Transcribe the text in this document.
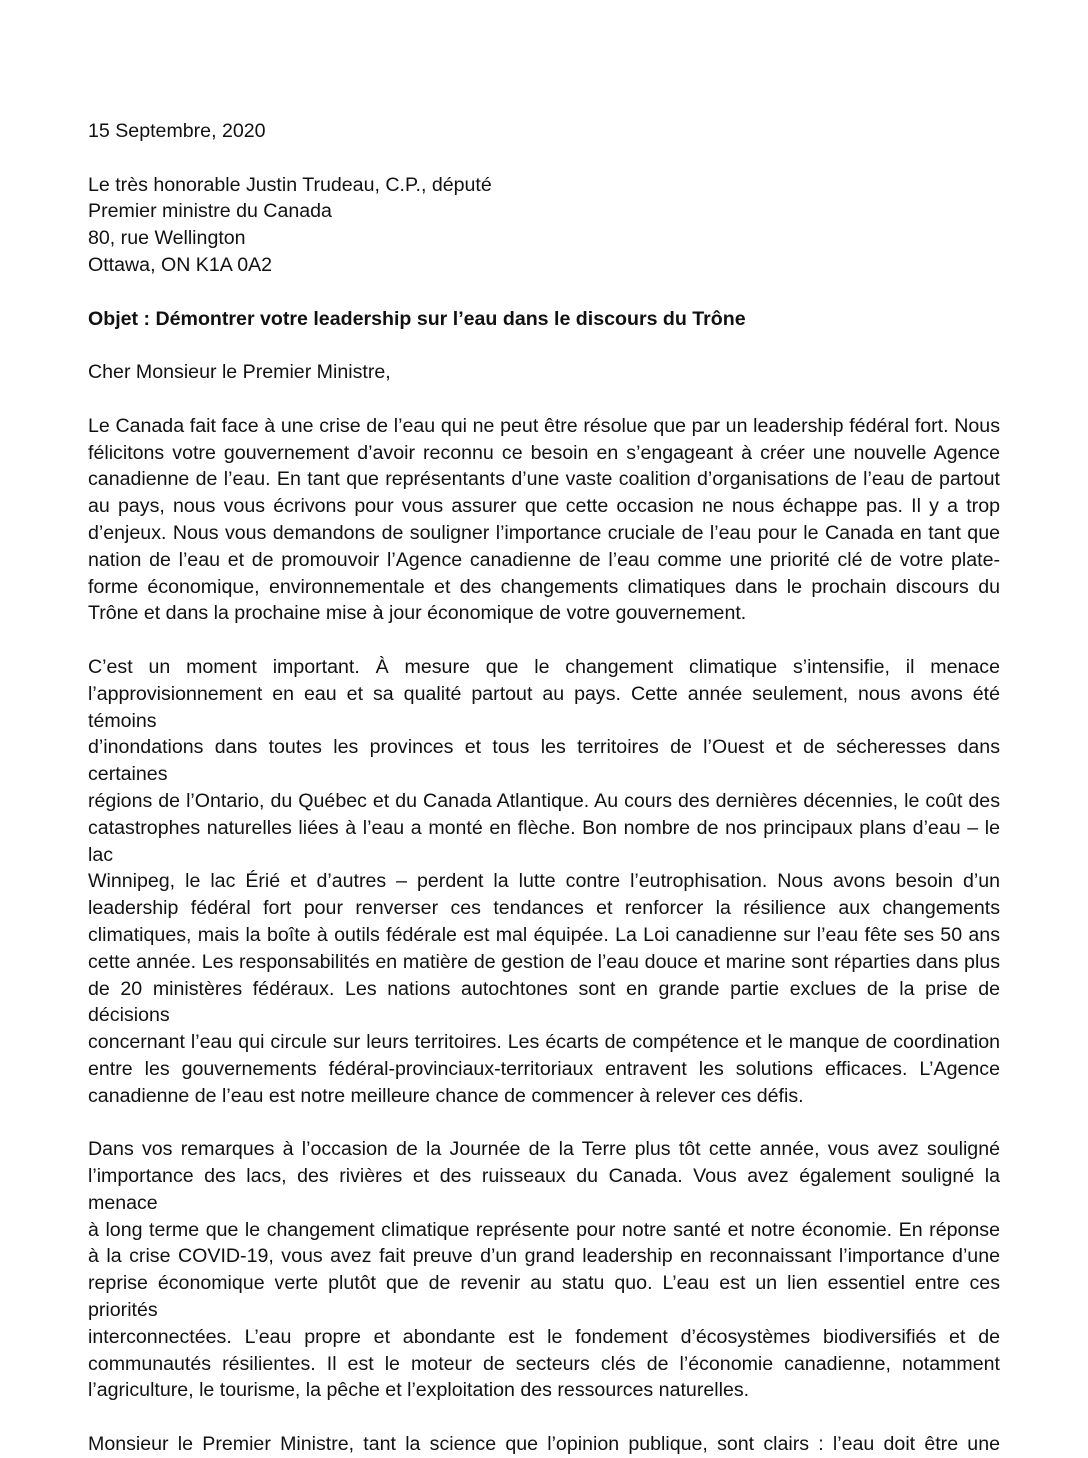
15 Septembre, 2020

Le très honorable Justin Trudeau, C.P., député

Premier ministre du Canada

80, rue Wellington

Ottawa, ON K1A 0A2

Objet : Démontrer votre leadership sur l’eau dans le discours du Trône

Cher Monsieur le Premier Ministre,

Le Canada fait face à une crise de l’eau qui ne peut être résolue que par un leadership fédéral fort. Nous
félicitons votre gouvernement d’avoir reconnu ce besoin en s’engageant à créer une nouvelle Agence
canadienne de l’eau. En tant que représentants d’une vaste coalition d’organisations de l’eau de partout
au pays, nous vous écrivons pour vous assurer que cette occasion ne nous échappe pas. Il y a trop
d’enjeux. Nous vous demandons de souligner l’importance cruciale de l’eau pour le Canada en tant que
nation de l’eau et de promouvoir l’Agence canadienne de l’eau comme une priorité clé de votre plate-
forme économique, environnementale et des changements climatiques dans le prochain discours du
Trône et dans la prochaine mise à jour économique de votre gouvernement.
C’est un moment important. À mesure que le changement climatique s’intensifie, il menace
l’approvisionnement en eau et sa qualité partout au pays. Cette année seulement, nous avons été témoins
d’inondations dans toutes les provinces et tous les territoires de l’Ouest et de sécheresses dans certaines
régions de l’Ontario, du Québec et du Canada Atlantique. Au cours des dernières décennies, le coût des
catastrophes naturelles liées à l’eau a monté en flèche. Bon nombre de nos principaux plans d’eau – le lac
Winnipeg, le lac Érié et d’autres – perdent la lutte contre l’eutrophisation. Nous avons besoin d’un
leadership fédéral fort pour renverser ces tendances et renforcer la résilience aux changements
climatiques, mais la boîte à outils fédérale est mal équipée. La Loi canadienne sur l’eau fête ses 50 ans
cette année. Les responsabilités en matière de gestion de l’eau douce et marine sont réparties dans plus
de 20 ministères fédéraux. Les nations autochtones sont en grande partie exclues de la prise de décisions
concernant l’eau qui circule sur leurs territoires. Les écarts de compétence et le manque de coordination
entre les gouvernements fédéral-provinciaux-territoriaux entravent les solutions efficaces. L’Agence
canadienne de l’eau est notre meilleure chance de commencer à relever ces défis.
Dans vos remarques à l’occasion de la Journée de la Terre plus tôt cette année, vous avez souligné
l’importance des lacs, des rivières et des ruisseaux du Canada. Vous avez également souligné la menace
à long terme que le changement climatique représente pour notre santé et notre économie. En réponse
à la crise COVID-19, vous avez fait preuve d’un grand leadership en reconnaissant l’importance d’une
reprise économique verte plutôt que de revenir au statu quo. L’eau est un lien essentiel entre ces priorités
interconnectées. L’eau propre et abondante est le fondement d’écosystèmes biodiversifiés et de
communautés résilientes. Il est le moteur de secteurs clés de l’économie canadienne, notamment
l’agriculture, le tourisme, la pêche et l’exploitation des ressources naturelles.
Monsieur le Premier Ministre, tant la science que l’opinion publique, sont clairs : l’eau doit être une
